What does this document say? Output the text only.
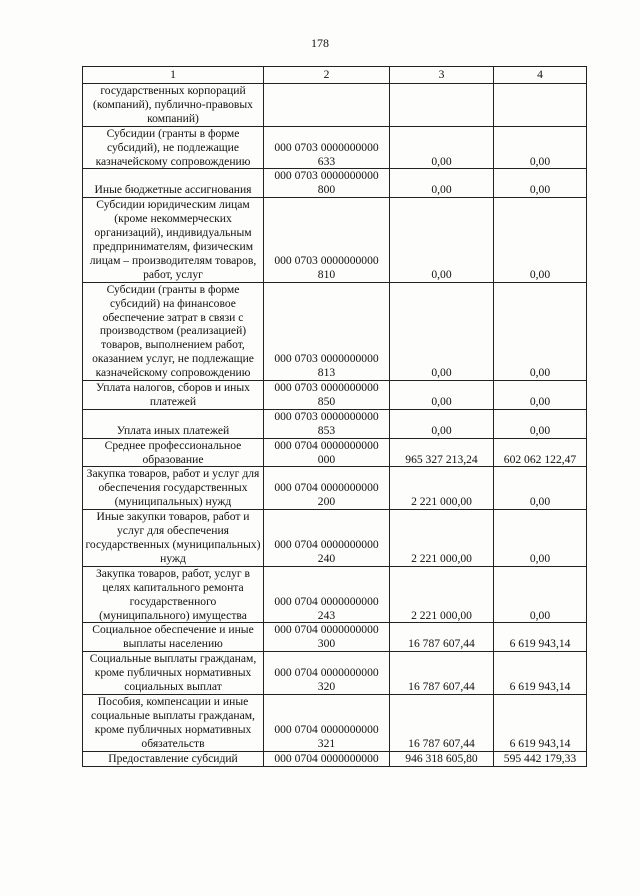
178
1	2	3	4
государственных корпораций (компаний), публично-правовых компаний)			
Субсидии (гранты в форме субсидий), не подлежащие казначейскому сопровождению	000 0703 0000000000 633	0,00	0,00
Иные бюджетные ассигнования	000 0703 0000000000 800	0,00	0,00
Субсидии юридическим лицам (кроме некоммерческих организаций), индивидуальным предпринимателям, физическим лицам – производителям товаров, работ, услуг	000 0703 0000000000 810	0,00	0,00
Субсидии (гранты в форме субсидий) на финансовое обеспечение затрат в связи с производством (реализацией) товаров, выполнением работ, оказанием услуг, не подлежащие казначейскому сопровождению	000 0703 0000000000 813	0,00	0,00
Уплата налогов, сборов и иных платежей	000 0703 0000000000 850	0,00	0,00
Уплата иных платежей	000 0703 0000000000 853	0,00	0,00
Среднее профессиональное образование	000 0704 0000000000 000	965 327 213,24	602 062 122,47
Закупка товаров, работ и услуг для обеспечения государственных (муниципальных) нужд	000 0704 0000000000 200	2 221 000,00	0,00
Иные закупки товаров, работ и услуг для обеспечения государственных (муниципальных) нужд	000 0704 0000000000 240	2 221 000,00	0,00
Закупка товаров, работ, услуг в целях капитального ремонта государственного (муниципального) имущества	000 0704 0000000000 243	2 221 000,00	0,00
Социальное обеспечение и иные выплаты населению	000 0704 0000000000 300	16 787 607,44	6 619 943,14
Социальные выплаты гражданам, кроме публичных нормативных социальных выплат	000 0704 0000000000 320	16 787 607,44	6 619 943,14
Пособия, компенсации и иные социальные выплаты гражданам, кроме публичных нормативных обязательств	000 0704 0000000000 321	16 787 607,44	6 619 943,14
Предоставление субсидий	000 0704 0000000000	946 318 605,80	595 442 179,33
